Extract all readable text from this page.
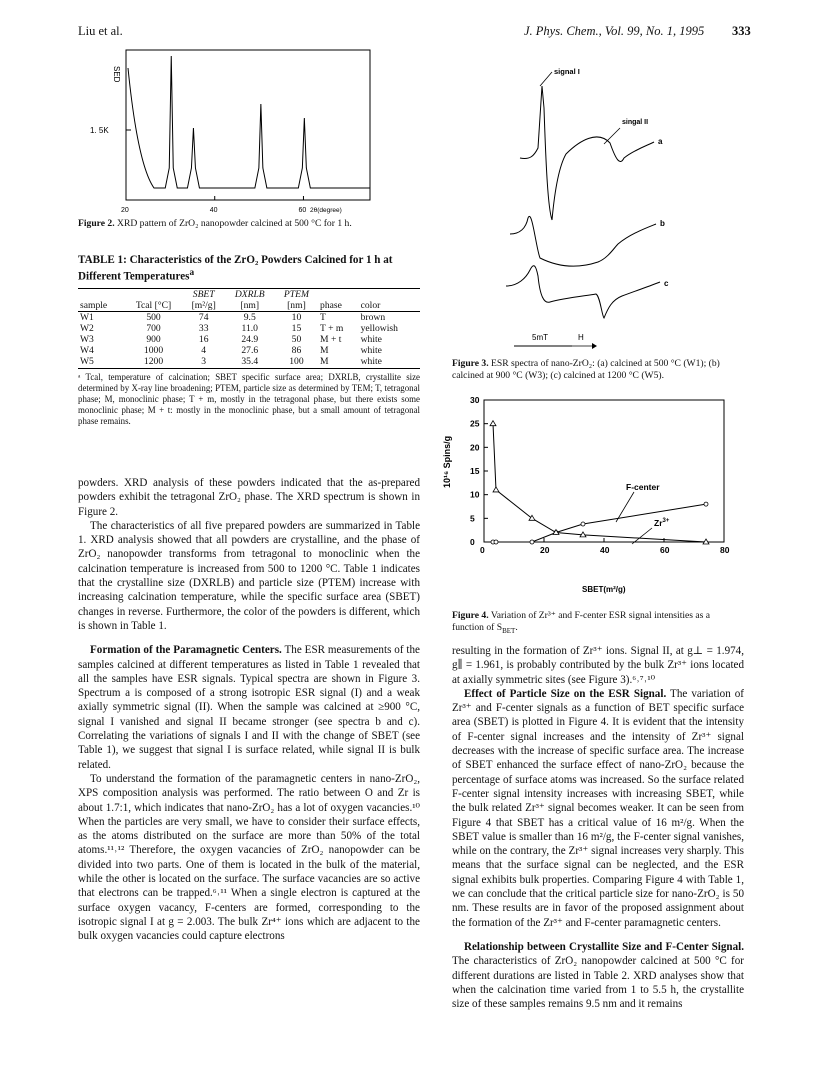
Liu et al.	J. Phys. Chem., Vol. 99, No. 1, 1995 333
SED
1. 5K
20	40	60 2θ(degree)
Figure 2. XRD pattern of ZrO₂ nanopowder calcined at 500 °C for 1 h.
TABLE 1: Characteristics of the ZrO₂ Powders Calcined for 1 h at Different Temperatures$^a$
		SBET	DXRLB	PTEM		
sample	Tcal [°C]	[m²/g]	[nm]	[nm]	phase	color
W1	500	74	9.5	10	T	brown
W2	700	33	11.0	15	T + m	yellowish
W3	900	16	24.9	50	M + t	white
W4	1000	4	27.6	86	M	white
W5	1200	3	35.4	100	M	white
ᵃ Tcal, temperature of calcination; SBET specific surface area; DXRLB, crystallite size determined by X-ray line broadening; PTEM, particle size as determined by TEM; T, tetragonal phase; M, monoclinic phase; T + m, mostly in the tetragonal phase, but there exists some monoclinic phase; M + t: mostly in the monoclinic phase, but a small amount of tetragonal phase remains.

powders. XRD analysis of these powders indicated that the as-prepared powders exhibit the tetragonal ZrO₂ phase. The XRD spectrum is shown in Figure 2.

The characteristics of all five prepared powders are summarized in Table 1. XRD analysis showed that all powders are crystalline, and the phase of ZrO₂ nanopowder transforms from tetragonal to monoclinic when the calcination temperature is increased from 500 to 1200 °C. Table 1 indicates that the crystalline size (DXRLB) and particle size (PTEM) increase with increasing calcination temperature, while the specific surface area (SBET) changes in reverse. Furthermore, the color of the powders is different, which is shown in Table 1.

Formation of the Paramagnetic Centers. The ESR measurements of the samples calcined at different temperatures as listed in Table 1 revealed that all the samples have ESR signals. Typical spectra are shown in Figure 3. Spectrum a is composed of a strong isotropic ESR signal (I) and a weak axially symmetric signal (II). When the sample was calcined at ≥900 °C, signal I vanished and signal II became stronger (see spectra b and c). Correlating the variations of signals I and II with the change of SBET (see Table 1), we suggest that signal I is surface related, while signal II is bulk related.

To understand the formation of the paramagnetic centers in nano-ZrO₂, XPS composition analysis was performed. The ratio between O and Zr is about 1.7:1, which indicates that nano-ZrO₂ has a lot of oxygen vacancies.¹⁰ When the particles are very small, we have to consider their surface effects, as the atoms distributed on the surface are more than 50% of the total atoms.¹¹˒¹² Therefore, the oxygen vacancies of ZrO₂ nanopowder can be divided into two parts. One of them is located in the bulk of the material, while the other is located on the surface. The surface vacancies are so active that electrons can be trapped.⁶˒¹¹ When a single electron is captured at the surface oxygen vacancy, F-centers are formed, corresponding to the isotropic signal I at g = 2.003. The bulk Zr⁴⁺ ions which are adjacent to the bulk oxygen vacancies could capture electrons

signal I
singal II
a
b
c
5mT	H
Figure 3. ESR spectra of nano-ZrO₂: (a) calcined at 500 °C (W1); (b) calcined at 900 °C (W3); (c) calcined at 1200 °C (W5).
0	20	40	60	80
0
5
10
15
20
25
30
10¹⁶ Spins/g
SBET(m²/g)
F-center
$Zr^{3+}$
Figure 4. Variation of Zr³⁺ and F-center ESR signal intensities as a function of $S_{BET}$.

resulting in the formation of Zr³⁺ ions. Signal II, at g⊥ = 1.974, g∥ = 1.961, is probably contributed by the bulk Zr³⁺ ions located at axially symmetric sites (see Figure 3).⁶˒⁷˒¹⁰

Effect of Particle Size on the ESR Signal. The variation of Zr³⁺ and F-center signals as a function of BET specific surface area (SBET) is plotted in Figure 4. It is evident that the intensity of F-center signal increases and the intensity of Zr³⁺ signal decreases with the increase of specific surface area. The increase of SBET enhanced the surface effect of nano-ZrO₂ because the percentage of surface atoms was increased. So the surface related F-center signal intensity increases with increasing SBET, while the bulk related Zr³⁺ signal becomes weaker. It can be seen from Figure 4 that SBET has a critical value of 16 m²/g. When the SBET value is smaller than 16 m²/g, the F-center signal vanishes, while on the contrary, the Zr³⁺ signal increases very sharply. This means that the surface signal can be neglected, and the ESR signal exhibits bulk properties. Comparing Figure 4 with Table 1, we can conclude that the critical particle size for nano-ZrO₂ is 50 nm. These results are in favor of the proposed assignment about the formation of the Zr³⁺ and F-center paramagnetic centers.

Relationship between Crystallite Size and F-Center Signal. The characteristics of ZrO₂ nanopowder calcined at 500 °C for different durations are listed in Table 2. XRD analyses show that when the calcination time varied from 1 to 5.5 h, the crystallite size of these samples remains 9.5 nm and it remains
